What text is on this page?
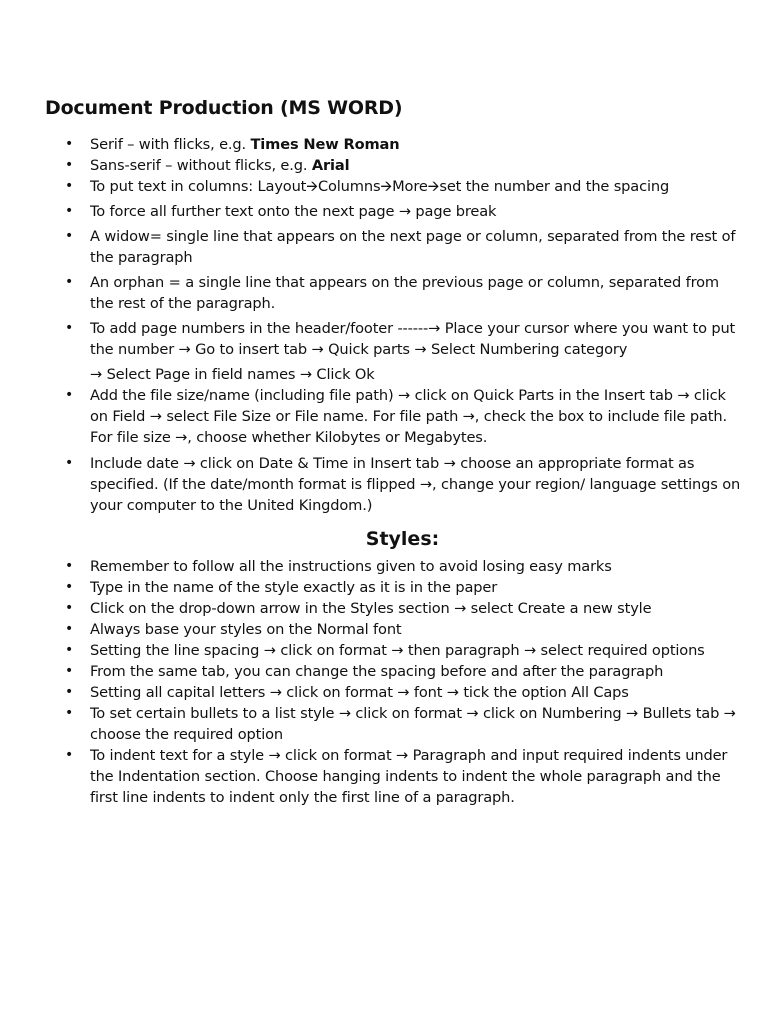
Document Production (MS WORD)
• Serif – with flicks, e.g. Times New Roman
• Sans-serif – without flicks, e.g. Arial
• To put text in columns: Layout🡪Columns🡪More🡪set the number and the spacing
• To force all further text onto the next page → page break
• A widow= single line that appears on the next page or column, separated from the rest of the paragraph
• An orphan = a single line that appears on the previous page or column, separated from the rest of the paragraph.
• To add page numbers in the header/footer ------→ Place your cursor where you want to put the number → Go to insert tab → Quick parts → Select Numbering category
→ Select Page in field names → Click Ok
• Add the file size/name (including file path) → click on Quick Parts in the Insert tab → click on Field → select File Size or File name. For file path →, check the box to include file path. For file size →, choose whether Kilobytes or Megabytes.
• Include date → click on Date & Time in Insert tab → choose an appropriate format as specified. (If the date/month format is flipped →, change your region/ language settings on your computer to the United Kingdom.)
Styles:
• Remember to follow all the instructions given to avoid losing easy marks
• Type in the name of the style exactly as it is in the paper
• Click on the drop-down arrow in the Styles section → select Create a new style
• Always base your styles on the Normal font
• Setting the line spacing → click on format → then paragraph → select required options
• From the same tab, you can change the spacing before and after the paragraph
• Setting all capital letters → click on format → font → tick the option All Caps
• To set certain bullets to a list style → click on format → click on Numbering → Bullets tab → choose the required option
• To indent text for a style → click on format → Paragraph and input required indents under the Indentation section. Choose hanging indents to indent the whole paragraph and the first line indents to indent only the first line of a paragraph.
